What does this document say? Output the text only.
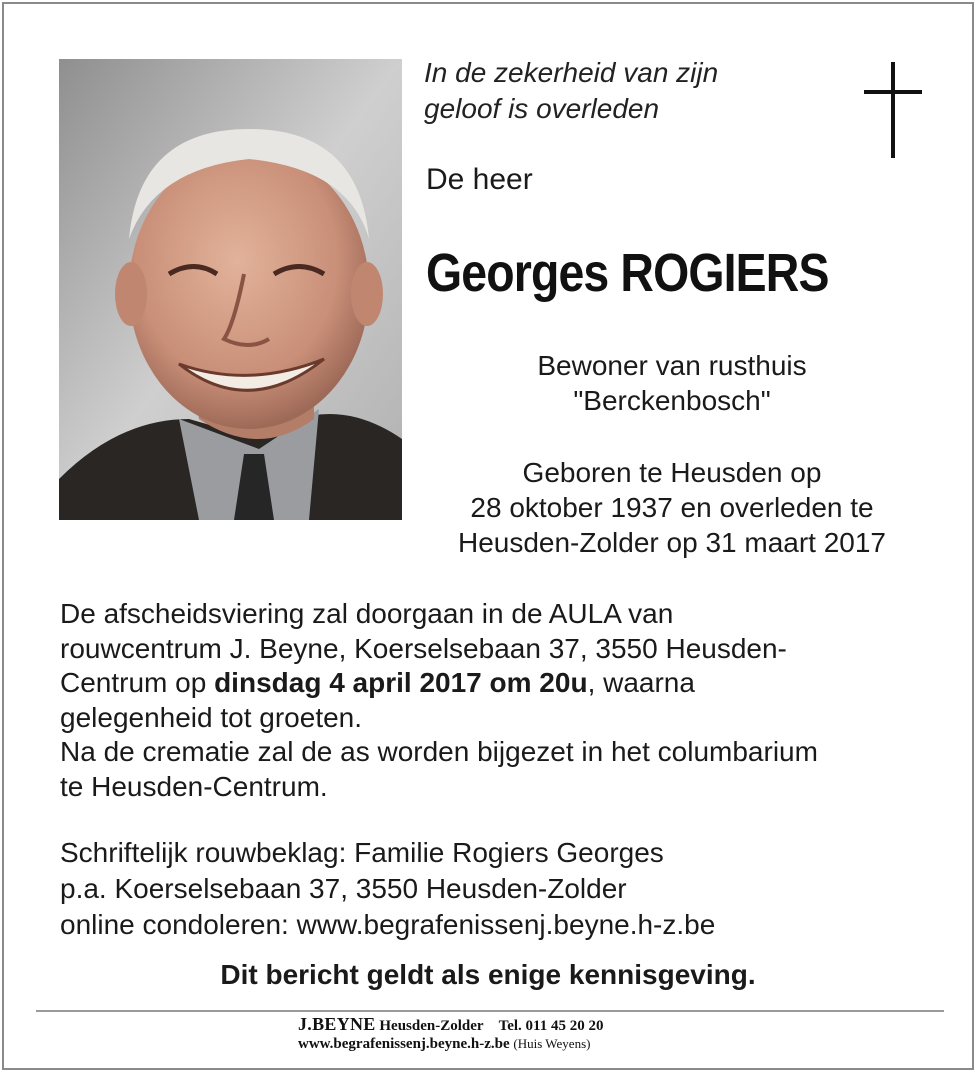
In de zekerheid van zijn
geloof is overleden
De heer
Georges ROGIERS
Bewoner van rusthuis
"Berckenbosch"
Geboren te Heusden op
28 oktober 1937 en overleden te
Heusden-Zolder op 31 maart 2017
De afscheidsviering zal doorgaan in de AULA van
rouwcentrum J. Beyne, Koerselsebaan 37, 3550 Heusden-
Centrum op dinsdag 4 april 2017 om 20u, waarna
gelegenheid tot groeten.
Na de crematie zal de as worden bijgezet in het columbarium
te Heusden-Centrum.
Schriftelijk rouwbeklag: Familie Rogiers Georges
p.a. Koerselsebaan 37, 3550 Heusden-Zolder
online condoleren: www.begrafenissenj.beyne.h-z.be
Dit bericht geldt als enige kennisgeving.
J.BEYNE Heusden-Zolder Tel. 011 45 20 20
www.begrafenissenj.beyne.h-z.be (Huis Weyens)
